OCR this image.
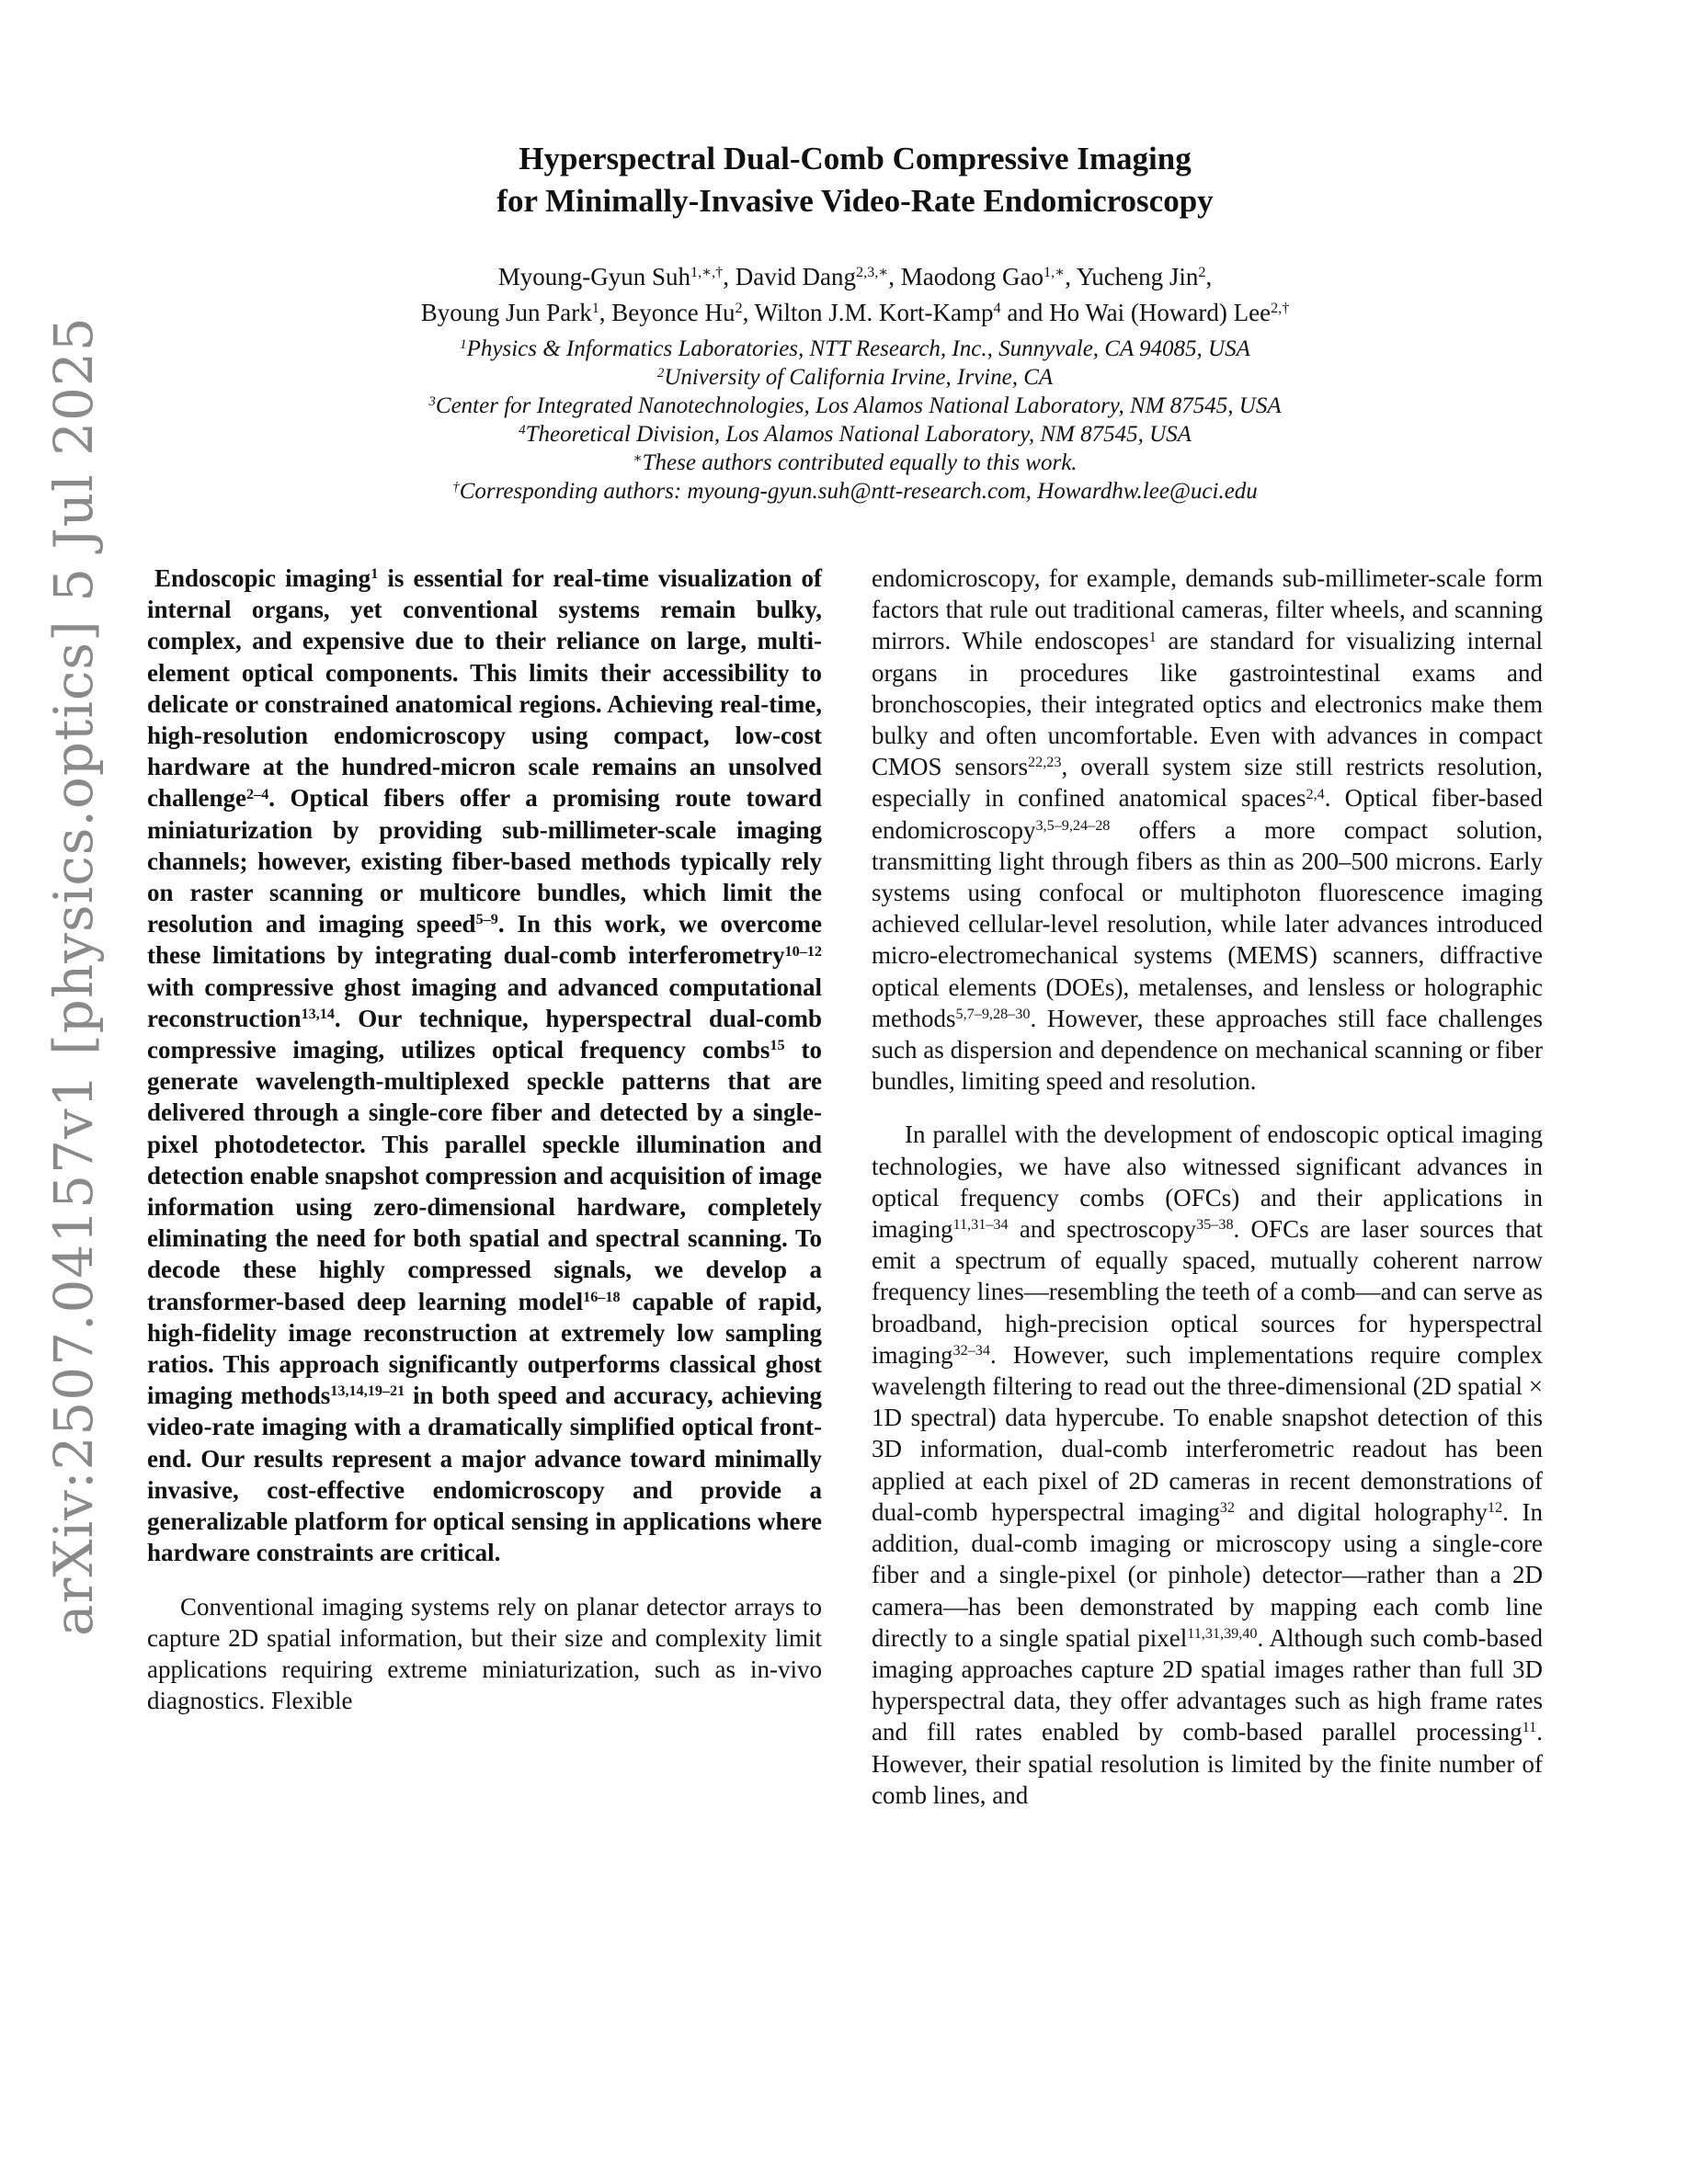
arXiv:2507.04157v1 [physics.optics] 5 Jul 2025
Hyperspectral Dual-Comb Compressive Imaging
for Minimally-Invasive Video-Rate Endomicroscopy
Myoung-Gyun Suh$^{1,∗,\dagger}$, David Dang$^{2,3,∗}$, Maodong Gao$^{1,∗}$, Yucheng Jin$^2$,
Byoung Jun Park$^1$, Beyonce Hu$^2$, Wilton J.M. Kort-Kamp$^4$ and Ho Wai (Howard) Lee$^{2,\dagger}$

$^1$Physics & Informatics Laboratories, NTT Research, Inc., Sunnyvale, CA 94085, USA

$^2$University of California Irvine, Irvine, CA

$^3$Center for Integrated Nanotechnologies, Los Alamos National Laboratory, NM 87545, USA

$^4$Theoretical Division, Los Alamos National Laboratory, NM 87545, USA

∗These authors contributed equally to this work.

†Corresponding authors: myoung-gyun.suh@ntt-research.com, Howardhw.lee@uci.edu

Endoscopic imaging$^1$ is essential for real-time visualization of internal organs, yet conventional systems remain bulky, complex, and expensive due to their reliance on large, multi-element optical components. This limits their accessibility to delicate or constrained anatomical regions. Achieving real-time, high-resolution endomicroscopy using compact, low-cost hardware at the hundred-micron scale remains an unsolved challenge$^{2-4}$. Optical fibers offer a promising route toward miniaturization by providing sub-millimeter-scale imaging channels; however, existing fiber-based methods typically rely on raster scanning or multicore bundles, which limit the resolution and imaging speed$^{5-9}$. In this work, we overcome these limitations by integrating dual-comb interferometry$^{10-12}$ with compressive ghost imaging and advanced computational reconstruction$^{13,14}$. Our technique, hyperspectral dual-comb compressive imaging, utilizes optical frequency combs$^{15}$ to generate wavelength-multiplexed speckle patterns that are delivered through a single-core fiber and detected by a single-pixel photodetector. This parallel speckle illumination and detection enable snapshot compression and acquisition of image information using zero-dimensional hardware, completely eliminating the need for both spatial and spectral scanning. To decode these highly compressed signals, we develop a transformer-based deep learning model$^{16-18}$ capable of rapid, high-fidelity image reconstruction at extremely low sampling ratios. This approach significantly outperforms classical ghost imaging methods$^{13,14,19-21}$ in both speed and accuracy, achieving video-rate imaging with a dramatically simplified optical front-end. Our results represent a major advance toward minimally invasive, cost-effective endomicroscopy and provide a generalizable platform for optical sensing in applications where hardware constraints are critical.

Conventional imaging systems rely on planar detector arrays to capture 2D spatial information, but their size and complexity limit applications requiring extreme miniaturization, such as in-vivo diagnostics. Flexible

endomicroscopy, for example, demands sub-millimeter-scale form factors that rule out traditional cameras, filter wheels, and scanning mirrors. While endoscopes$^1$ are standard for visualizing internal organs in procedures like gastrointestinal exams and bronchoscopies, their integrated optics and electronics make them bulky and often uncomfortable. Even with advances in compact CMOS sensors$^{22,23}$, overall system size still restricts resolution, especially in confined anatomical spaces$^{2,4}$. Optical fiber-based endomicroscopy$^{3,5-9,24-28}$ offers a more compact solution, transmitting light through fibers as thin as 200–500 microns. Early systems using confocal or multiphoton fluorescence imaging achieved cellular-level resolution, while later advances introduced micro-electromechanical systems (MEMS) scanners, diffractive optical elements (DOEs), metalenses, and lensless or holographic methods$^{5,7-9,28-30}$. However, these approaches still face challenges such as dispersion and dependence on mechanical scanning or fiber bundles, limiting speed and resolution.

In parallel with the development of endoscopic optical imaging technologies, we have also witnessed significant advances in optical frequency combs (OFCs) and their applications in imaging$^{11,31-34}$ and spectroscopy$^{35-38}$. OFCs are laser sources that emit a spectrum of equally spaced, mutually coherent narrow frequency lines—resembling the teeth of a comb—and can serve as broadband, high-precision optical sources for hyperspectral imaging$^{32-34}$. However, such implementations require complex wavelength filtering to read out the three-dimensional (2D spatial × 1D spectral) data hypercube. To enable snapshot detection of this 3D information, dual-comb interferometric readout has been applied at each pixel of 2D cameras in recent demonstrations of dual-comb hyperspectral imaging$^{32}$ and digital holography$^{12}$. In addition, dual-comb imaging or microscopy using a single-core fiber and a single-pixel (or pinhole) detector—rather than a 2D camera—has been demonstrated by mapping each comb line directly to a single spatial pixel$^{11,31,39,40}$. Although such comb-based imaging approaches capture 2D spatial images rather than full 3D hyperspectral data, they offer advantages such as high frame rates and fill rates enabled by comb-based parallel processing$^{11}$. However, their spatial resolution is limited by the finite number of comb lines, and
